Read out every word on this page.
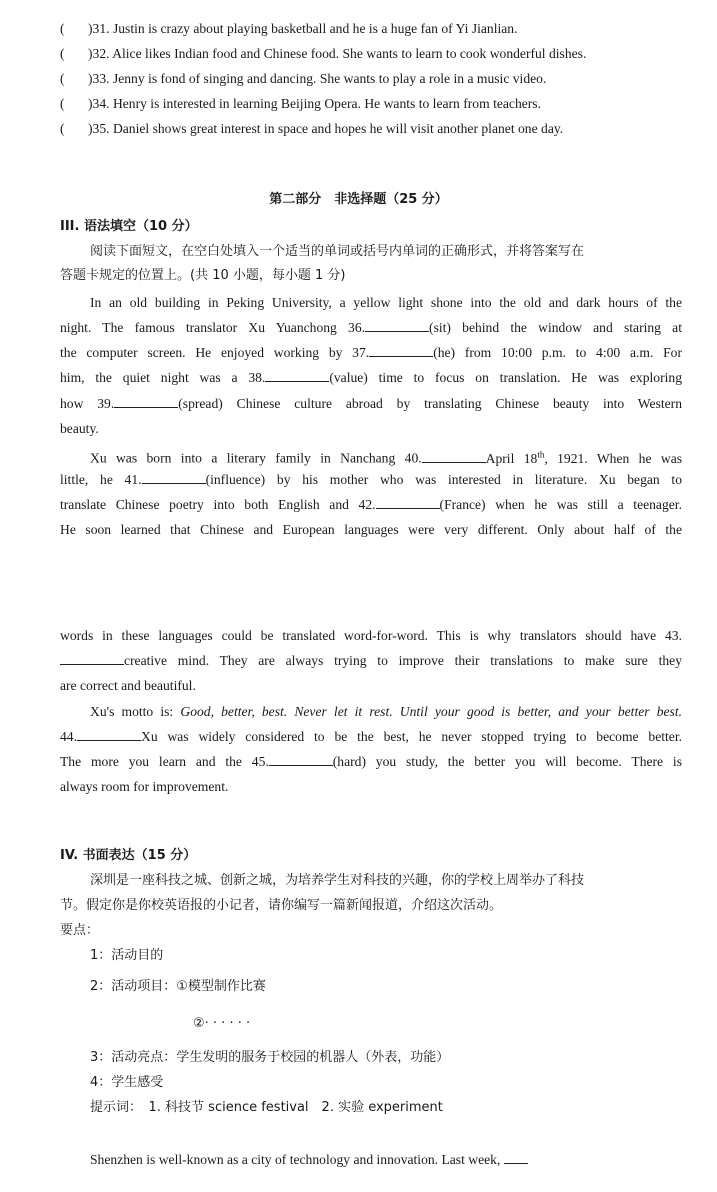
( )31. Justin is crazy about playing basketball and he is a huge fan of Yi Jianlian.
( )32. Alice likes Indian food and Chinese food. She wants to learn to cook wonderful dishes.
( )33. Jenny is fond of singing and dancing. She wants to play a role in a music video.
( )34. Henry is interested in learning Beijing Opera. He wants to learn from teachers.
( )35. Daniel shows great interest in space and hopes he will visit another planet one day.
第二部分　非选择题（25 分）
III. 语法填空（10 分）
阅读下面短文，在空白处填入一个适当的单词或括号内单词的正确形式，并将答案写在
答题卡规定的位置上。(共 10 小题，每小题 1 分)
In an old building in Peking University, a yellow light shone into the old and dark hours of the
night. The famous translator Xu Yuanchong 36.	(sit) behind the window and staring at
the computer screen. He enjoyed working by 37.	(he) from 10:00 p.m. to 4:00 a.m. For
him, the quiet night was a 38.	(value) time to focus on translation. He was exploring
how 39.	(spread) Chinese culture abroad by translating Chinese beauty into Western
beauty.
Xu was born into a literary family in Nanchang 40.	April 18th, 1921. When he was
little, he 41.	(influence) by his mother who was interested in literature. Xu began to
translate Chinese poetry into both English and 42.	(France) when he was still a teenager.
He soon learned that Chinese and European languages were very different. Only about half of the
words in these languages could be translated word-for-word. This is why translators should have 43.
creative mind. They are always trying to improve their translations to make sure they
are correct and beautiful.
Xu's motto is: Good, better, best. Never let it rest. Until your good is better, and your better best.
44.	Xu was widely considered to be the best, he never stopped trying to become better.
The more you learn and the 45.	(hard) you study, the better you will become. There is
always room for improvement.
IV. 书面表达（15 分）
深圳是一座科技之城、创新之城，为培养学生对科技的兴趣，你的学校上周举办了科技
节。假定你是你校英语报的小记者，请你编写一篇新闻报道，介绍这次活动。
要点：
1：活动目的
2：活动项目：①模型制作比赛
②· · · · · ·
3：活动亮点：学生发明的服务于校园的机器人（外表，功能）
4：学生感受
提示词：　1. 科技节 science festival　2. 实验 experiment
Shenzhen is well-known as a city of technology and innovation. Last week,
